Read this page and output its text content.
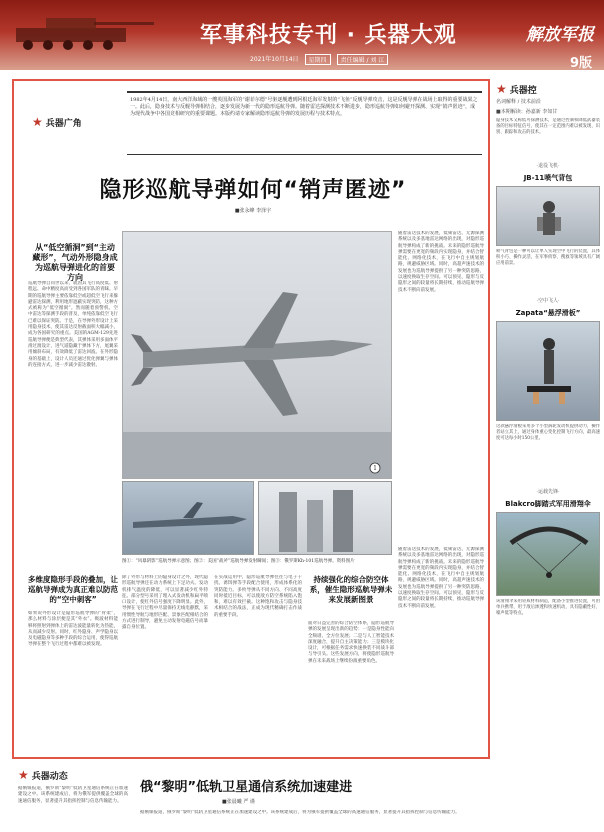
军事科技专刊 · 兵器大观	解放军报
2021年10月14日	星期四	责任编辑 / 刘 江	9版
★ 兵器广角
1982年4月14日，南大西洋海域的一艘英国海军的“谢菲尔德”号驱逐舰遭到阿根廷海军发射的“飞鱼”反舰导弹攻击，这是反舰导弹在战场上取得的重要战果之一。此后，隐身技术与反舰导弹相结合，逐步发展为新一代的隐形巡航导弹。随着雷达探测技术不断进步，隐形巡航导弹如何避开探测、实现“销声匿迹”，成为现代战争中各国竞相研究的重要课题。本版约请专家解读隐形巡航导弹的发展历程与技术特点。
隐形巡航导弹如何“销声匿迹”
■张永峰 李泽宇
从“低空循洞”到“主动藏形”，气动外形隐身成为巡航导弹进化的首要方向
巡航导弹自问世以来，就因其飞行高度低、射程远、命中精度高而受到各国军队的青睐。早期的巡航导弹主要依靠低空或超低空飞行来躲避雷达探测，利用地形遮蔽实现突防，这种方式被称为“低空循洞”。然而随着预警机、空中雷达等探测手段的普及，单纯依靠低空飞行已难以保证突防。于是，在导弹外形设计上采用隐身技术，使其雷达反射截面积大幅减小，成为各国研究的重点。美国的AGM-129先进巡航导弹便是典型代表，其弹体采用多面体平滑过渡设计，进气道隐藏于弹体下方，尾翼采用倾斜布局，有效降低了雷达回波。在外形隐身的基础上，设计人员还通过优化弹翼与弹体的连接方式，进一步减少雷达散射。
多维度隐形手段的叠加，让巡航导弹成为真正难以防范的“空中刺客”
如果说外形设计是隐形巡航导弹的“骨架”，那么材料与涂层便是其“外衣”。吸波材料能够将照射到弹体上的雷达波能量转化为热能，从而减少反射。同时，红外隐身、声学隐身以及电磁隐身等多种手段的综合运用，使得巡航导弹在整个飞行过程中都难以被发现。
1
图①：“风暴阴影”巡航导弹示意图；图②：美国“战斧”巡航导弹发射瞬间；图③：俄罗斯Kh-101巡航导弹。资料图片
除了外形与材料上的隐身设计之外，现代隐形巡航导弹还在动力系统上下足功夫。发动机排气温度的降低，可以显著减少红外特征。部分型号采用了埋入式发动机和扁平喷口设计，使红外信号强度下降明显。此外，导弹在飞行过程中尽量保持无线电静默，采用惯性导航与地形匹配、景象匹配相结合的方式进行制导，避免主动发射电磁信号而暴露自身位置。
在实战运用中，隐形巡航导弹往往与电子干扰、诱饵弹等手段配合使用，形成体系化的突防能力。多枚导弹从不同方向、不同高度同时抵近目标，可以使敌方防空系统陷入饱和，难以有效拦截。这种饱和攻击与隐身技术相结合的战法，正成为现代精确打击作战的重要手段。
随着雷达技术的发展，低频雷达、无源探测系统以及多基地雷达网络的出现，对隐形巡航导弹构成了新的挑战。未来的隐形巡航导弹需要在更宽的频段内实现隐身，并结合智能化、网络化技术，在飞行中自主规划航路，规避威胁区域。同时，高超声速技术的发展也为巡航导弹提供了另一种突防思路，以速度换取生存空间。可以预见，隐形与反隐形之间的较量将长期持续，推动巡航导弹技术不断向前发展。
持续强化的综合防空体系，催生隐形巡航导弹未来发展新图景
面对日益完善的综合防空体系，隐形巡航导弹的发展呈现出新的趋势：一是隐身性能向全频谱、全方位发展；二是与人工智能技术深度融合，提升自主决策能力；三是模块化设计，可根据任务需求快速换装不同战斗部与导引头。这些发展方向，将使隐形巡航导弹在未来战场上继续扮演重要角色。
随着雷达技术的发展，低频雷达、无源探测系统以及多基地雷达网络的出现，对隐形巡航导弹构成了新的挑战。未来的隐形巡航导弹需要在更宽的频段内实现隐身，并结合智能化、网络化技术，在飞行中自主规划航路，规避威胁区域。同时，高超声速技术的发展也为巡航导弹提供了另一种突防思路，以速度换取生存空间。可以预见，隐形与反隐形之间的较量将长期持续，推动巡航导弹技术不断向前发展。
★ 兵器控
名词解释 / 技术前沿
■本期解读：孙嘉新 李如甘
隐身技术又称低可探测技术，是通过控制和降低武器装备的目标特征信号，使其在一定范围内难以被发现、识别、跟踪和攻击的技术。
·退役飞机·
JB-11喷气背包
喷气背包是一种可以让单人实现空中飞行的装置，其体积小巧、操作灵活，在军事侦察、搜救等领域具有广阔应用前景。
·空中飞人·
Zapata“悬浮滑板”
这款悬浮滑板采用多个小型涡轮发动机提供动力，操作者站立其上，通过身体重心变化控制飞行方向，最高速度可达每小时150公里。
·运载先锋·
Blakcro脚踏式军用滑翔伞
该滑翔伞采用轻质材料制造，配备小型推进装置，可由单兵携带，用于敌后渗透和快速机动，具有隐蔽性好、噪声低等特点。
★ 兵器动态
据俄媒报道，俄罗斯“黎明”低轨卫星通信系统正在加速建设之中。该系统建成后，将为俄军提供覆盖全球的高速通信服务，显著提升其指挥控制与信息传输能力。
俄“黎明”低轨卫星通信系统加速建进
■张晨曦 严 谨
据俄媒报道，俄罗斯“黎明”低轨卫星通信系统正在加速建设之中。该系统建成后，将为俄军提供覆盖全球的高速通信服务，显著提升其指挥控制与信息传输能力。
